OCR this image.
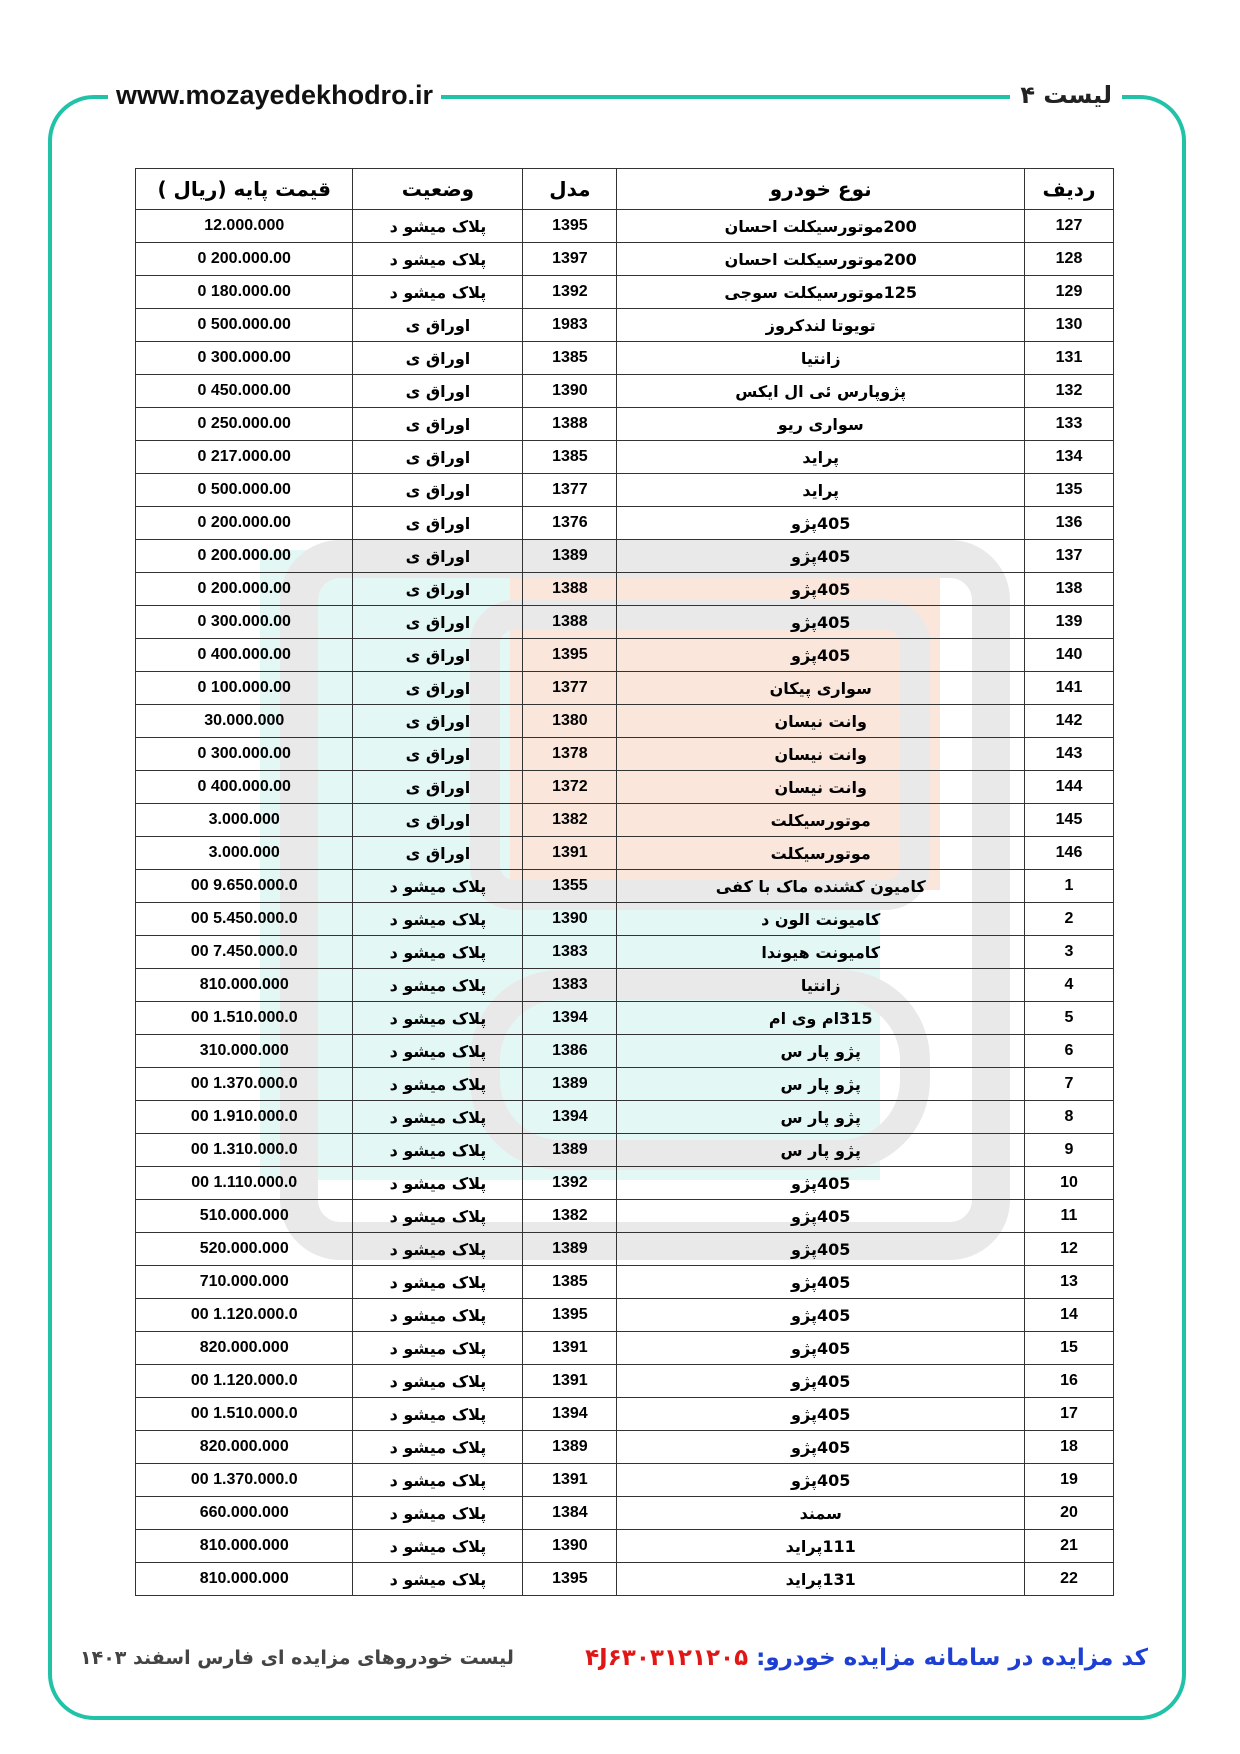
www.mozayedekhodro.ir	لیست ۴
ردیف	نوع خودرو	مدل	وضعیت	قیمت پایه (ریال )
127	200موتورسیکلت احسان	1395	پلاک میشو د	12.000.000
128	200موتورسیکلت احسان	1397	پلاک میشو د	200.000.00 0
129	125موتورسیکلت سوجی	1392	پلاک میشو د	180.000.00 0
130	تویوتا لندکروز	1983	اوراق ی	500.000.00 0
131	زانتیا	1385	اوراق ی	300.000.00 0
132	پژوپارس ئی ال ایکس	1390	اوراق ی	450.000.00 0
133	سواری ریو	1388	اوراق ی	250.000.00 0
134	پراید	1385	اوراق ی	217.000.00 0
135	پراید	1377	اوراق ی	500.000.00 0
136	405پژو	1376	اوراق ی	200.000.00 0
137	405پژو	1389	اوراق ی	200.000.00 0
138	405پژو	1388	اوراق ی	200.000.00 0
139	405پژو	1388	اوراق ی	300.000.00 0
140	405پژو	1395	اوراق ی	400.000.00 0
141	سواری پیکان	1377	اوراق ی	100.000.00 0
142	وانت نیسان	1380	اوراق ی	30.000.000
143	وانت نیسان	1378	اوراق ی	300.000.00 0
144	وانت نیسان	1372	اوراق ی	400.000.00 0
145	موتورسیکلت	1382	اوراق ی	3.000.000
146	موتورسیکلت	1391	اوراق ی	3.000.000
1	کامیون کشنده ماک با کفی	1355	پلاک میشو د	9.650.000.0 00
2	کامیونت الون د	1390	پلاک میشو د	5.450.000.0 00
3	کامیونت هیوندا	1383	پلاک میشو د	7.450.000.0 00
4	زانتیا	1383	پلاک میشو د	810.000.000
5	315ام وی ام	1394	پلاک میشو د	1.510.000.0 00
6	پژو پار س	1386	پلاک میشو د	310.000.000
7	پژو پار س	1389	پلاک میشو د	1.370.000.0 00
8	پژو پار س	1394	پلاک میشو د	1.910.000.0 00
9	پژو پار س	1389	پلاک میشو د	1.310.000.0 00
10	405پژو	1392	پلاک میشو د	1.110.000.0 00
11	405پژو	1382	پلاک میشو د	510.000.000
12	405پژو	1389	پلاک میشو د	520.000.000
13	405پژو	1385	پلاک میشو د	710.000.000
14	405پژو	1395	پلاک میشو د	1.120.000.0 00
15	405پژو	1391	پلاک میشو د	820.000.000
16	405پژو	1391	پلاک میشو د	1.120.000.0 00
17	405پژو	1394	پلاک میشو د	1.510.000.0 00
18	405پژو	1389	پلاک میشو د	820.000.000
19	405پژو	1391	پلاک میشو د	1.370.000.0 00
20	سمند	1384	پلاک میشو د	660.000.000
21	111پراید	1390	پلاک میشو د	810.000.000
22	131پراید	1395	پلاک میشو د	810.000.000
کد مزایده در سامانه مزایده خودرو: ۴J۶۳۰۳۱۲۱۲۰۵
لیست خودروهای مزایده ای فارس اسفند ۱۴۰۳
